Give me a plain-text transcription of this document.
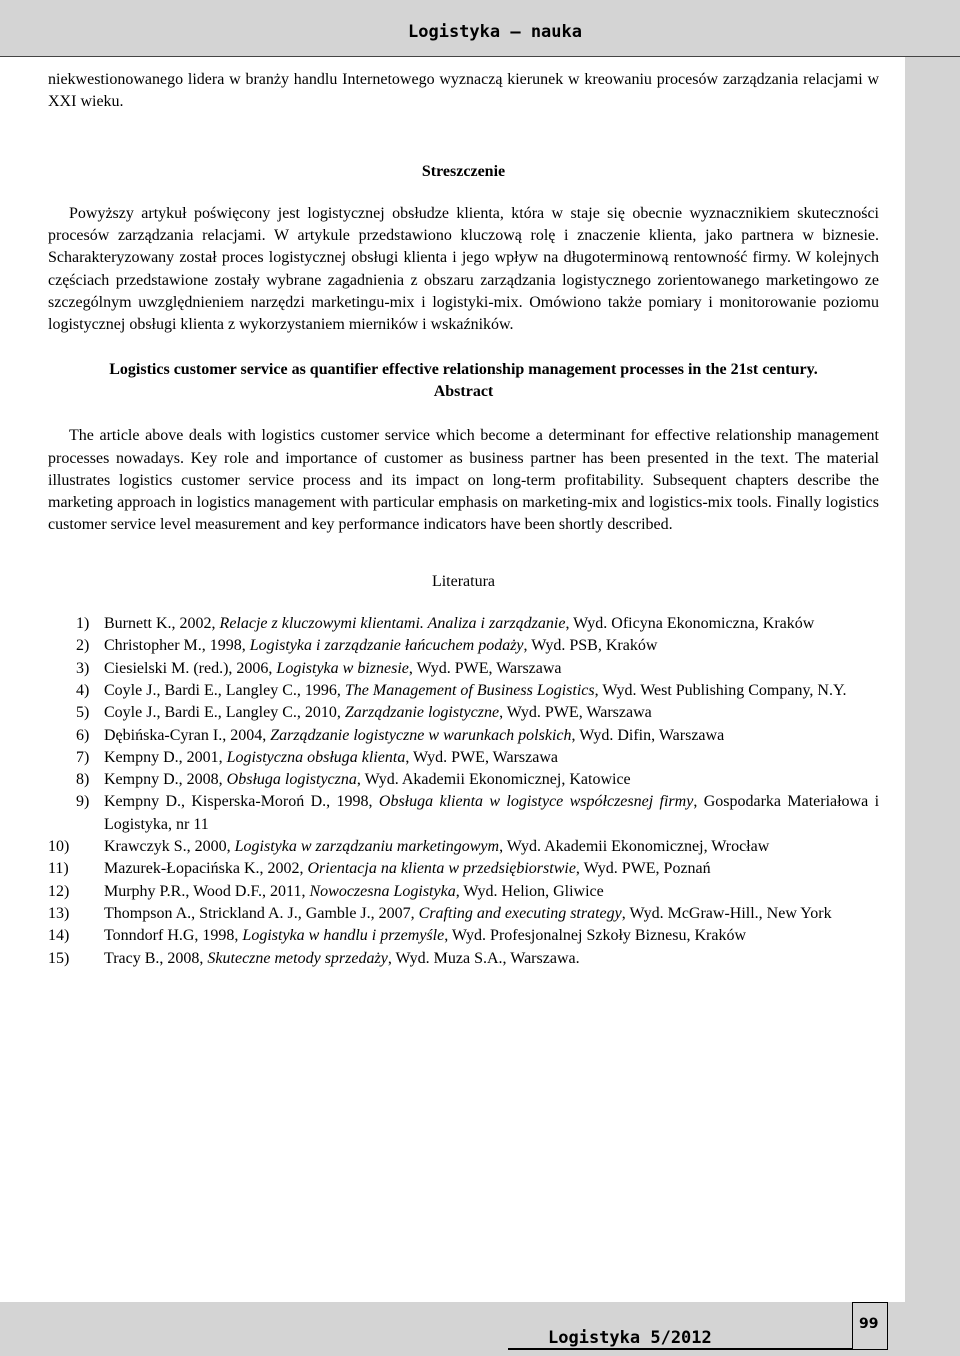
Logistyka – nauka

niekwestionowanego lidera w branży handlu Internetowego wyznaczą kierunek w kreowaniu procesów zarządzania relacjami w XXI wieku.

Streszczenie

Powyższy artykuł poświęcony jest logistycznej obsłudze klienta, która w staje się obecnie wyznacznikiem skuteczności procesów zarządzania relacjami. W artykule przedstawiono kluczową rolę i znaczenie klienta, jako partnera w biznesie. Scharakteryzowany został proces logistycznej obsługi klienta i jego wpływ na długoterminową rentowność firmy. W kolejnych częściach przedstawione zostały wybrane zagadnienia z obszaru zarządzania logistycznego zorientowanego marketingowo ze szczególnym uwzględnieniem narzędzi marketingu-mix i logistyki-mix. Omówiono także pomiary i monitorowanie poziomu logistycznej obsługi klienta z wykorzystaniem mierników i wskaźników.

Logistics customer service as quantifier effective relationship management processes in the 21st century.

Abstract

The article above deals with logistics customer service which become a determinant for effective relationship management processes nowadays. Key role and importance of customer as business partner has been presented in the text. The material illustrates logistics customer service process and its impact on long-term profitability. Subsequent chapters describe the marketing approach in logistics management with particular emphasis on marketing-mix and logistics-mix tools. Finally logistics customer service level measurement and key performance indicators have been shortly described.

Literatura

1) Burnett K., 2002, Relacje z kluczowymi klientami. Analiza i zarządzanie, Wyd. Oficyna Ekonomiczna, Kraków
2) Christopher M., 1998, Logistyka i zarządzanie łańcuchem podaży, Wyd. PSB, Kraków
3) Ciesielski M. (red.), 2006, Logistyka w biznesie, Wyd. PWE, Warszawa
4) Coyle J., Bardi E., Langley C., 1996, The Management of Business Logistics, Wyd. West Publishing Company, N.Y.
5) Coyle J., Bardi E., Langley C., 2010, Zarządzanie logistyczne, Wyd. PWE, Warszawa
6) Dębińska-Cyran I., 2004, Zarządzanie logistyczne w warunkach polskich, Wyd. Difin, Warszawa
7) Kempny D., 2001, Logistyczna obsługa klienta, Wyd. PWE, Warszawa
8) Kempny D., 2008, Obsługa logistyczna, Wyd. Akademii Ekonomicznej, Katowice
9) Kempny D., Kisperska-Moroń D., 1998, Obsługa klienta w logistyce współczesnej firmy, Gospodarka Materiałowa i Logistyka, nr 11
10)	Krawczyk S., 2000, Logistyka w zarządzaniu marketingowym, Wyd. Akademii Ekonomicznej, Wrocław
11)	Mazurek-Łopacińska K., 2002, Orientacja na klienta w przedsiębiorstwie, Wyd. PWE, Poznań
12)	Murphy P.R., Wood D.F., 2011, Nowoczesna Logistyka, Wyd. Helion, Gliwice
13)	Thompson A., Strickland A. J., Gamble J., 2007, Crafting and executing strategy, Wyd. McGraw-Hill., New York
14)	Tonndorf H.G, 1998, Logistyka w handlu i przemyśle, Wyd. Profesjonalnej Szkoły Biznesu, Kraków
15)	Tracy B., 2008, Skuteczne metody sprzedaży, Wyd. Muza S.A., Warszawa.
Logistyka 5/2012
99
